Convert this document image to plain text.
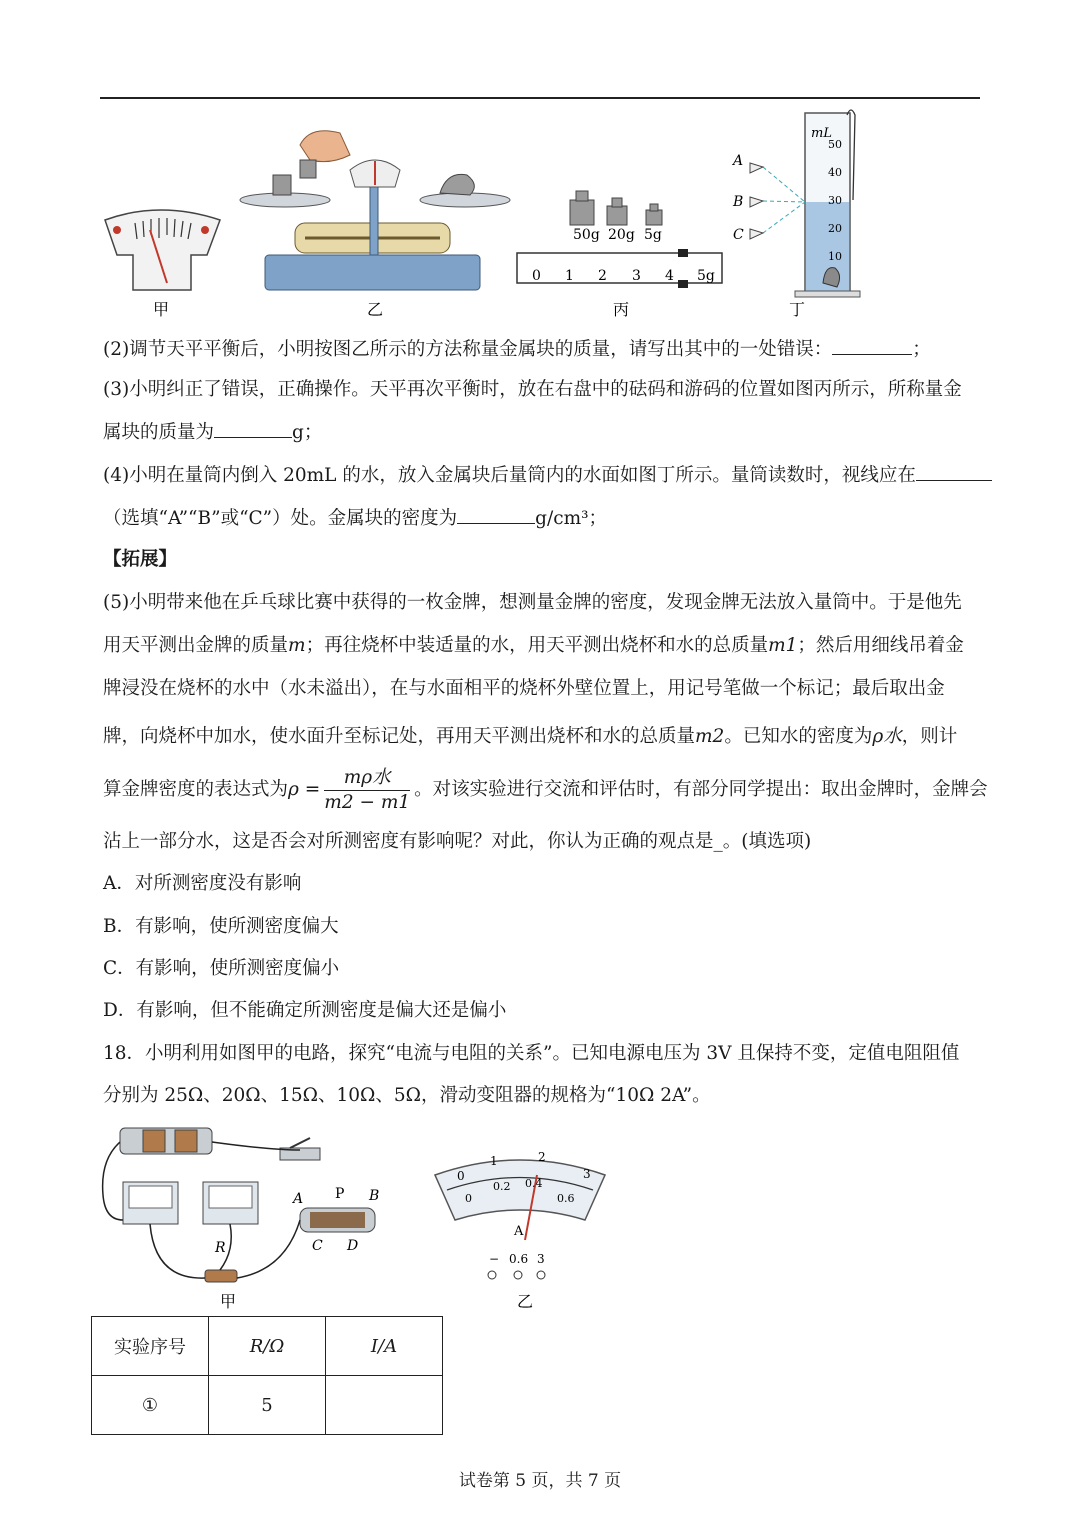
甲	乙
50g 20g 5g
0 1 2 3 4 5g
丙
mL
50
40
30
20
10
A
B
C
丁
(2)调节天平平衡后，小明按图乙所示的方法称量金属块的质量，请写出其中的一处错误：	；
(3)小明纠正了错误，正确操作。天平再次平衡时，放在右盘中的砝码和游码的位置如图丙所示，所称量金
属块的质量为	g；
(4)小明在量筒内倒入 20mL 的水，放入金属块后量筒内的水面如图丁所示。量筒读数时，视线应在
（选填“A”“B”或“C”）处。金属块的密度为	g/cm³；
【拓展】
(5)小明带来他在乒乓球比赛中获得的一枚金牌，想测量金牌的密度，发现金牌无法放入量筒中。于是他先
用天平测出金牌的质量m；再往烧杯中装适量的水，用天平测出烧杯和水的总质量m1；然后用细线吊着金
牌浸没在烧杯的水中（水未溢出），在与水面相平的烧杯外壁位置上，用记号笔做一个标记；最后取出金
牌，向烧杯中加水，使水面升至标记处，再用天平测出烧杯和水的总质量m2。已知水的密度为ρ水，则计
算金牌密度的表达式为$\rho = \frac{\text{mρ水}}{m2 - m1}$ 。对该实验进行交流和评估时，有部分同学提出：取出金牌时，金牌会
沾上一部分水，这是否会对所测密度有影响呢？对此，你认为正确的观点是_。(填选项)
A．对所测密度没有影响
B．有影响，使所测密度偏大
C．有影响，使所测密度偏小
D．有影响，但不能确定所测密度是偏大还是偏小
18．小明利用如图甲的电路，探究“电流与电阻的关系”。已知电源电压为 3V 且保持不变，定值电阻阻值
分别为 25Ω、20Ω、15Ω、10Ω、5Ω，滑动变阻器的规格为“10Ω 2A”。
A P B
C D
R
甲
0
1	2
3
0
0.2 0.4
0.6
A
− 0.6 3
乙
实验序号	R/Ω	I/A
①	5	
试卷第 5 页，共 7 页
